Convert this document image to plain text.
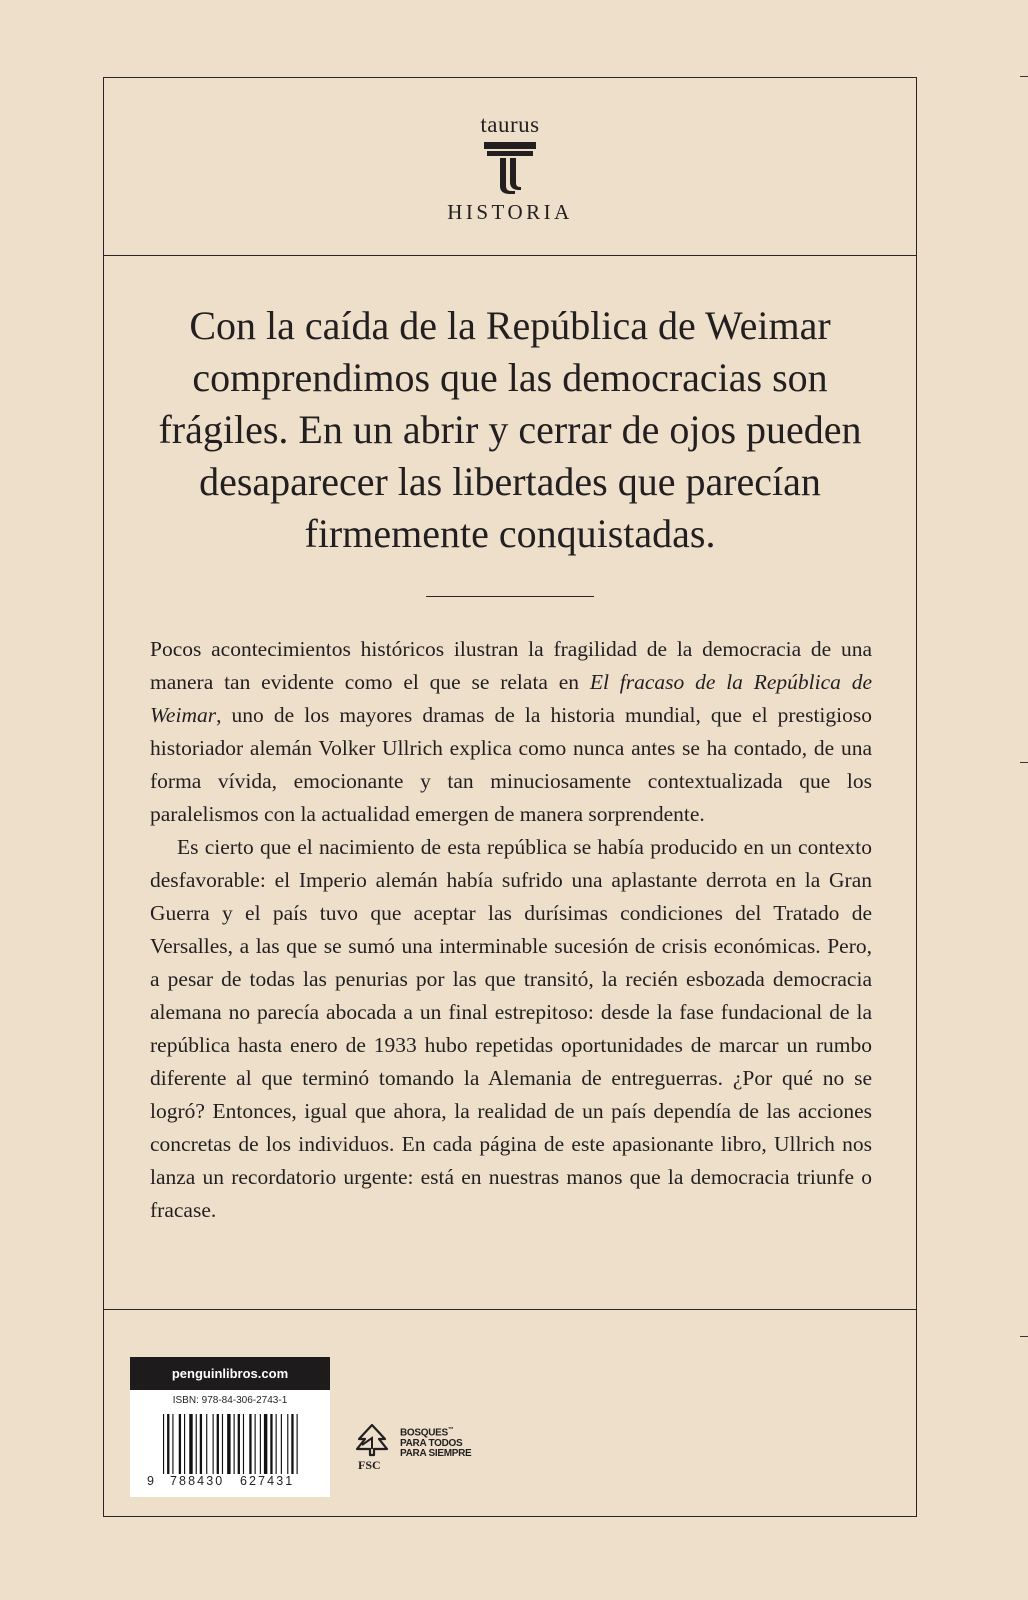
taurus
HISTORIA
Con la caída de la República de Weimar
comprendimos que las democracias son
frágiles. En un abrir y cerrar de ojos pueden
desaparecer las libertades que parecían
firmemente conquistadas.

Pocos acontecimientos históricos ilustran la fragilidad de la democracia de una manera tan evidente como el que se relata en El fracaso de la República de Weimar, uno de los mayores dramas de la historia mundial, que el prestigioso historiador alemán Volker Ullrich explica como nunca antes se ha contado, de una forma vívida, emocionante y tan minuciosamente contextualizada que los paralelismos con la actualidad emergen de manera sorprendente.

Es cierto que el nacimiento de esta república se había producido en un contexto desfavorable: el Imperio alemán había sufrido una aplastante derrota en la Gran Guerra y el país tuvo que aceptar las durísimas condiciones del Tratado de Versalles, a las que se sumó una interminable sucesión de crisis económicas. Pero, a pesar de todas las penurias por las que transitó, la recién esbozada democracia alemana no parecía abocada a un final estrepitoso: desde la fase fundacional de la república hasta enero de 1933 hubo repetidas oportunidades de marcar un rumbo diferente al que terminó tomando la Alemania de entreguerras. ¿Por qué no se logró? Entonces, igual que ahora, la realidad de un país dependía de las acciones concretas de los individuos. En cada página de este apasionante libro, Ullrich nos lanza un recordatorio urgente: está en nuestras manos que la democracia triunfe o fracase.

penguinlibros.com
ISBN: 978-84-306-2743-1
9 788430 627431
BOSQUES™
PARA TODOS
PARA SIEMPRE
FSC
